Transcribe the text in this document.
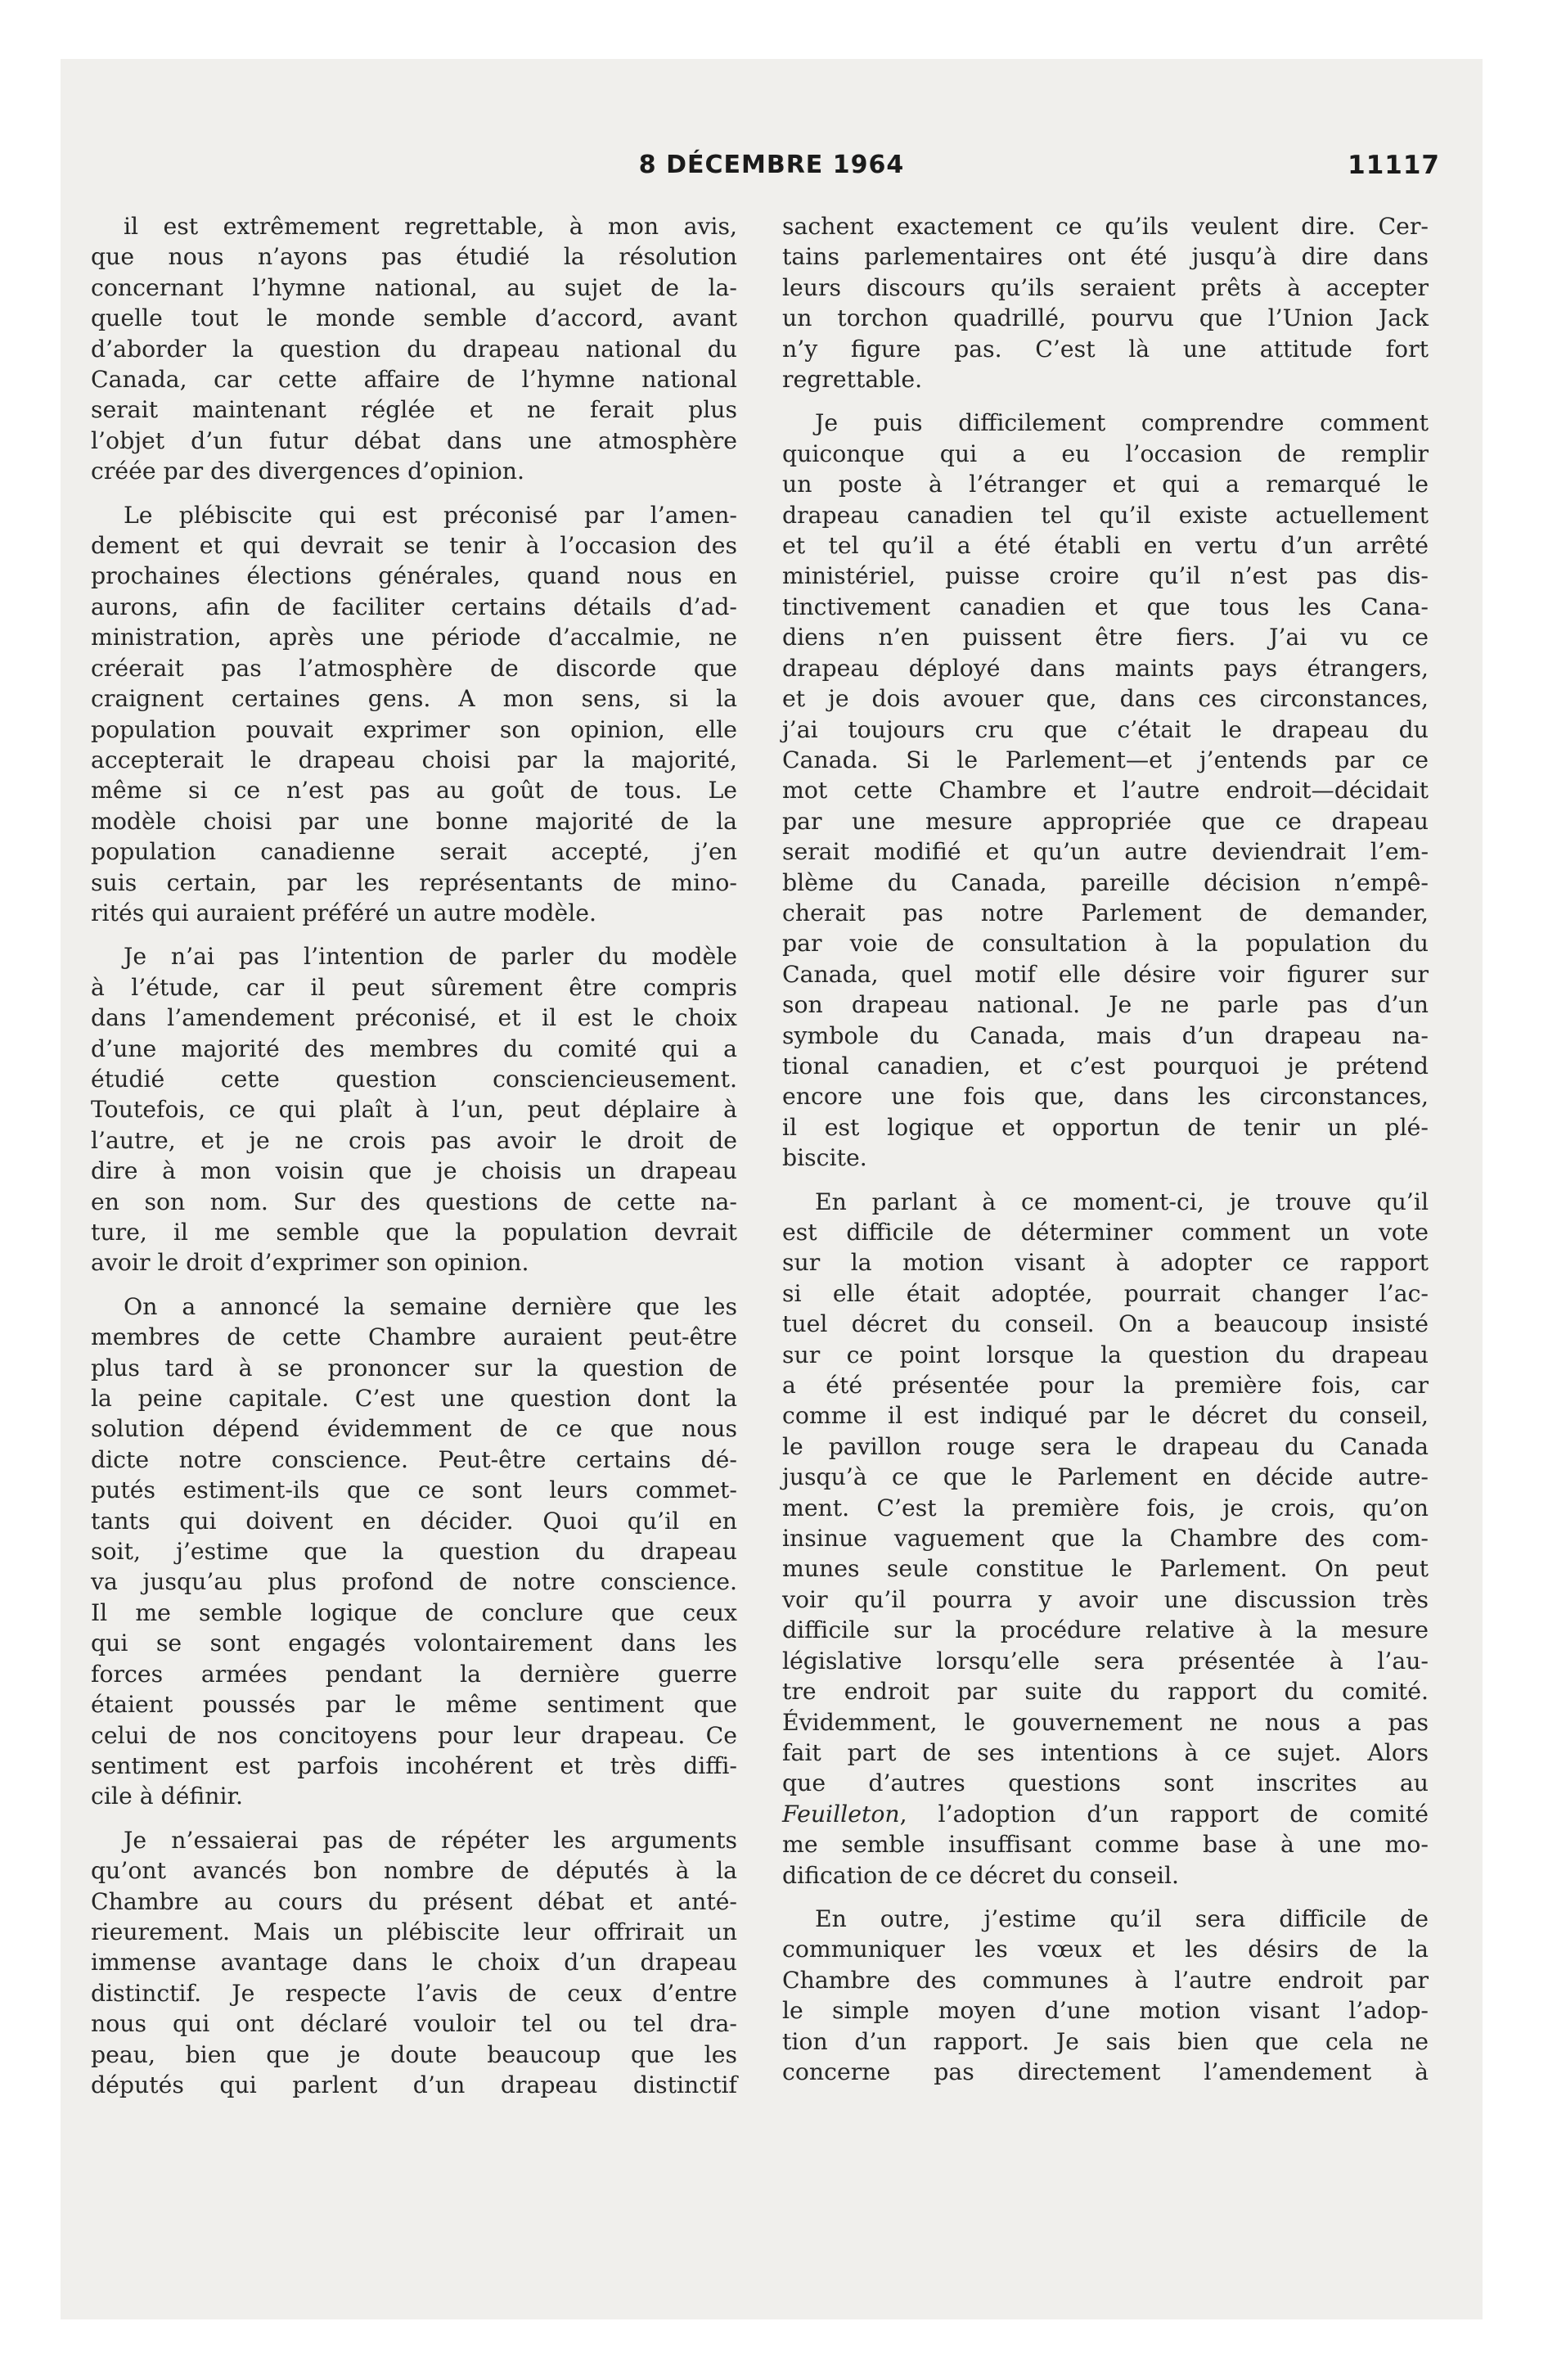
8 DÉCEMBRE 1964	11117
il est extrêmement regrettable, à mon avis,
que nous n’ayons pas étudié la résolution
concernant l’hymne national, au sujet de la-
quelle tout le monde semble d’accord, avant
d’aborder la question du drapeau national du
Canada, car cette affaire de l’hymne national
serait maintenant réglée et ne ferait plus
l’objet d’un futur débat dans une atmosphère
créée par des divergences d’opinion.
Le plébiscite qui est préconisé par l’amen-
dement et qui devrait se tenir à l’occasion des
prochaines élections générales, quand nous en
aurons, afin de faciliter certains détails d’ad-
ministration, après une période d’accalmie, ne
créerait pas l’atmosphère de discorde que
craignent certaines gens. A mon sens, si la
population pouvait exprimer son opinion, elle
accepterait le drapeau choisi par la majorité,
même si ce n’est pas au goût de tous. Le
modèle choisi par une bonne majorité de la
population canadienne serait accepté, j’en
suis certain, par les représentants de mino-
rités qui auraient préféré un autre modèle.
Je n’ai pas l’intention de parler du modèle
à l’étude, car il peut sûrement être compris
dans l’amendement préconisé, et il est le choix
d’une majorité des membres du comité qui a
étudié cette question consciencieusement.
Toutefois, ce qui plaît à l’un, peut déplaire à
l’autre, et je ne crois pas avoir le droit de
dire à mon voisin que je choisis un drapeau
en son nom. Sur des questions de cette na-
ture, il me semble que la population devrait
avoir le droit d’exprimer son opinion.
On a annoncé la semaine dernière que les
membres de cette Chambre auraient peut-être
plus tard à se prononcer sur la question de
la peine capitale. C’est une question dont la
solution dépend évidemment de ce que nous
dicte notre conscience. Peut-être certains dé-
putés estiment-ils que ce sont leurs commet-
tants qui doivent en décider. Quoi qu’il en
soit, j’estime que la question du drapeau
va jusqu’au plus profond de notre conscience.
Il me semble logique de conclure que ceux
qui se sont engagés volontairement dans les
forces armées pendant la dernière guerre
étaient poussés par le même sentiment que
celui de nos concitoyens pour leur drapeau. Ce
sentiment est parfois incohérent et très diffi-
cile à définir.
Je n’essaierai pas de répéter les arguments
qu’ont avancés bon nombre de députés à la
Chambre au cours du présent débat et anté-
rieurement. Mais un plébiscite leur offrirait un
immense avantage dans le choix d’un drapeau
distinctif. Je respecte l’avis de ceux d’entre
nous qui ont déclaré vouloir tel ou tel dra-
peau, bien que je doute beaucoup que les
députés qui parlent d’un drapeau distinctif
sachent exactement ce qu’ils veulent dire. Cer-
tains parlementaires ont été jusqu’à dire dans
leurs discours qu’ils seraient prêts à accepter
un torchon quadrillé, pourvu que l’Union Jack
n’y figure pas. C’est là une attitude fort
regrettable.
Je puis difficilement comprendre comment
quiconque qui a eu l’occasion de remplir
un poste à l’étranger et qui a remarqué le
drapeau canadien tel qu’il existe actuellement
et tel qu’il a été établi en vertu d’un arrêté
ministériel, puisse croire qu’il n’est pas dis-
tinctivement canadien et que tous les Cana-
diens n’en puissent être fiers. J’ai vu ce
drapeau déployé dans maints pays étrangers,
et je dois avouer que, dans ces circonstances,
j’ai toujours cru que c’était le drapeau du
Canada. Si le Parlement—et j’entends par ce
mot cette Chambre et l’autre endroit—décidait
par une mesure appropriée que ce drapeau
serait modifié et qu’un autre deviendrait l’em-
blème du Canada, pareille décision n’empê-
cherait pas notre Parlement de demander,
par voie de consultation à la population du
Canada, quel motif elle désire voir figurer sur
son drapeau national. Je ne parle pas d’un
symbole du Canada, mais d’un drapeau na-
tional canadien, et c’est pourquoi je prétend
encore une fois que, dans les circonstances,
il est logique et opportun de tenir un plé-
biscite.
En parlant à ce moment-ci, je trouve qu’il
est difficile de déterminer comment un vote
sur la motion visant à adopter ce rapport
si elle était adoptée, pourrait changer l’ac-
tuel décret du conseil. On a beaucoup insisté
sur ce point lorsque la question du drapeau
a été présentée pour la première fois, car
comme il est indiqué par le décret du conseil,
le pavillon rouge sera le drapeau du Canada
jusqu’à ce que le Parlement en décide autre-
ment. C’est la première fois, je crois, qu’on
insinue vaguement que la Chambre des com-
munes seule constitue le Parlement. On peut
voir qu’il pourra y avoir une discussion très
difficile sur la procédure relative à la mesure
législative lorsqu’elle sera présentée à l’au-
tre endroit par suite du rapport du comité.
Évidemment, le gouvernement ne nous a pas
fait part de ses intentions à ce sujet. Alors
que d’autres questions sont inscrites au
Feuilleton, l’adoption d’un rapport de comité
me semble insuffisant comme base à une mo-
dification de ce décret du conseil.
En outre, j’estime qu’il sera difficile de
communiquer les vœux et les désirs de la
Chambre des communes à l’autre endroit par
le simple moyen d’une motion visant l’adop-
tion d’un rapport. Je sais bien que cela ne
concerne pas directement l’amendement à
